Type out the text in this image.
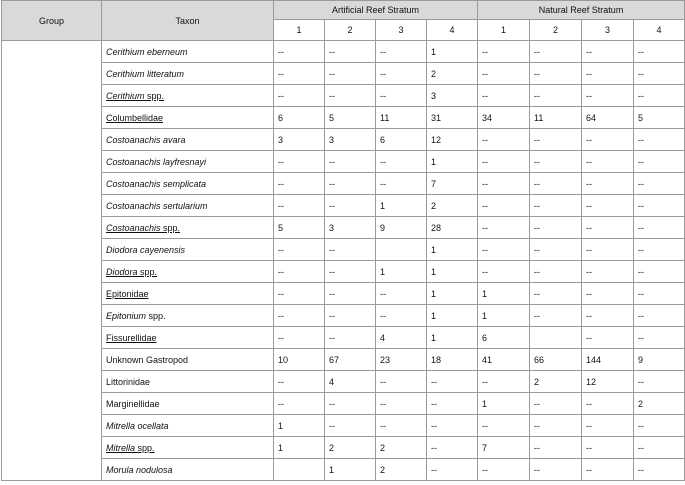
Group	Taxon	Artificial Reef Stratum				Natural Reef Stratum			
		1	2	3	4	1	2	3	4
	Cerithium eberneum	--	--	--	1	--	--	--	--
	Cerithium litteratum	--	--	--	2	--	--	--	--
	Cerithium spp.	--	--	--	3	--	--	--	--
	Columbellidae	6	5	11	31	34	11	64	5
	Costoanachis avara	3	3	6	12	--	--	--	--
	Costoanachis layfresnayi	--	--	--	1	--	--	--	--
	Costoanachis semplicata	--	--	--	7	--	--	--	--
	Costoanachis sertularium	--	--	1	2	--	--	--	--
	Costoanachis spp.	5	3	9	28	--	--	--	--
	Diodora cayenensis	--	--		1	--	--	--	--
	Diodora spp.	--	--	1	1	--	--	--	--
	Epitonidae	--	--	--	1	1	--	--	--
	Epitonium spp.	--	--	--	1	1	--	--	--
	Fissurellidae	--	--	4	1	6		--	--
	Unknown Gastropod	10	67	23	18	41	66	144	9
	Littorinidae	--	4	--	--	--	2	12	--
	Marginellidae	--	--	--	--	1	--	--	2
	Mitrella ocellata	1	--	--	--	--	--	--	--
	Mitrella spp.	1	2	2	--	7	--	--	--
	Morula nodulosa		1	2	--	--	--	--	--
